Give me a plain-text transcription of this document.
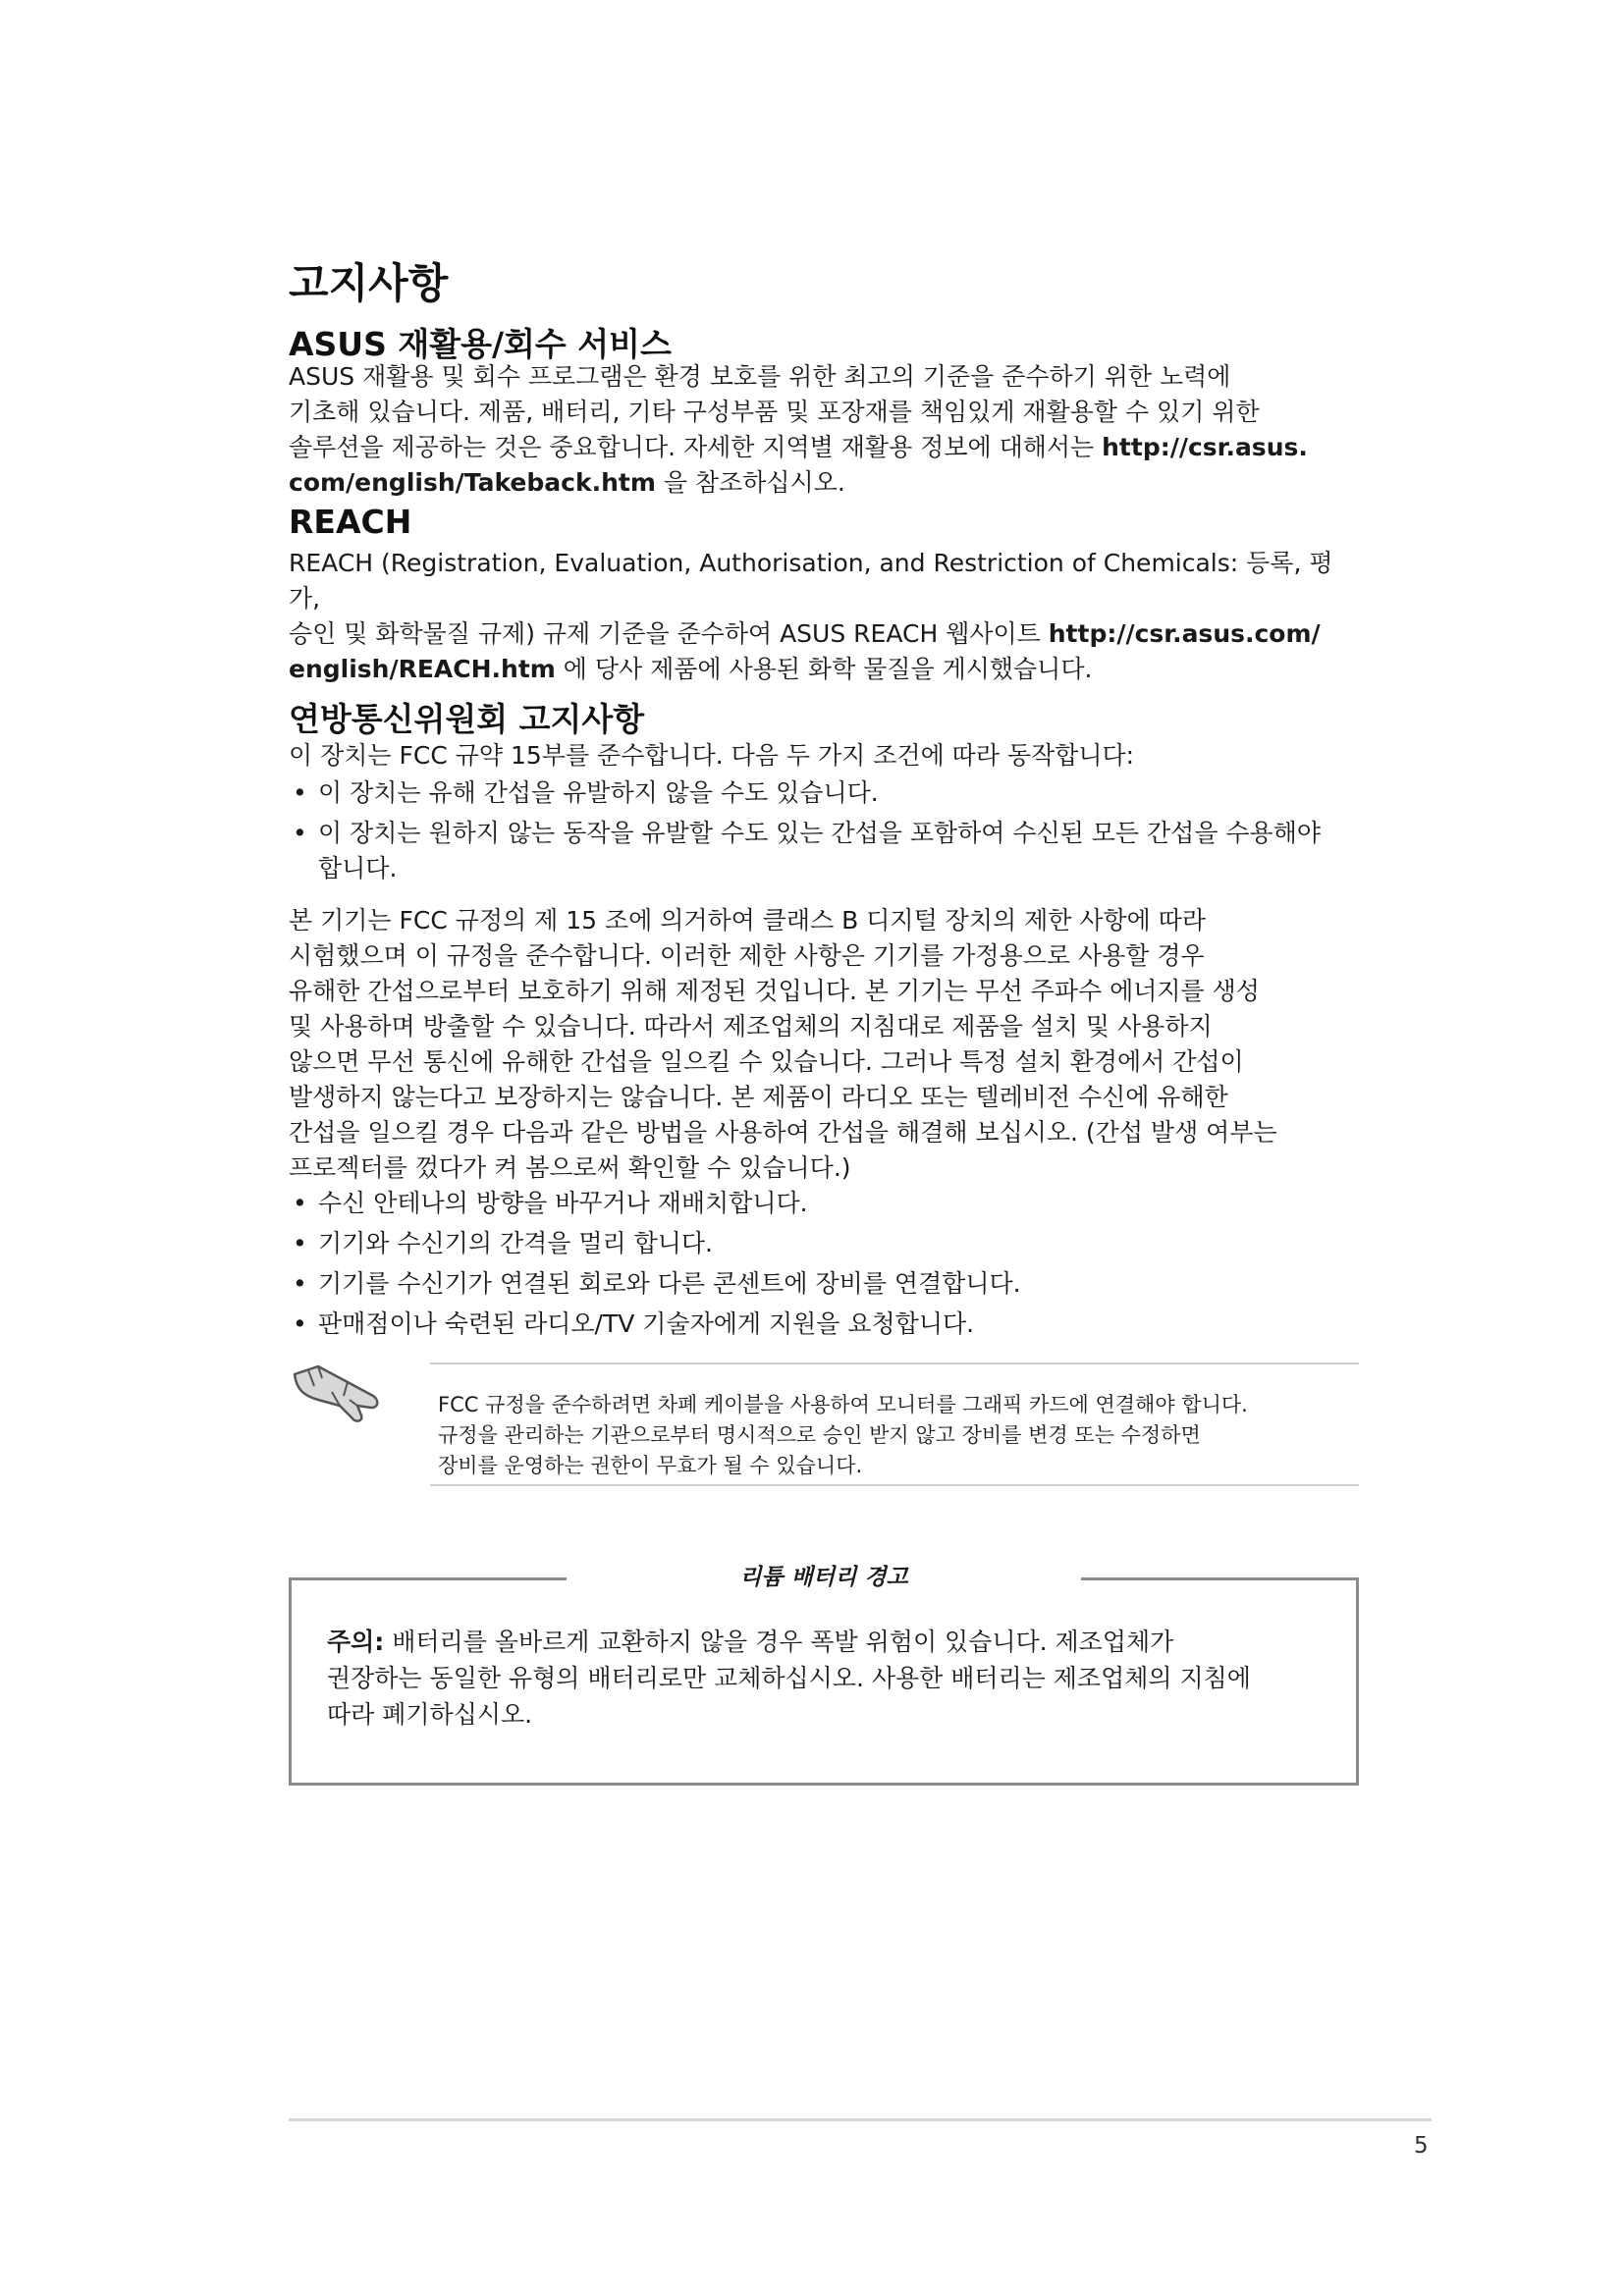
고지사항
ASUS 재활용/회수 서비스

ASUS 재활용 및 회수 프로그램은 환경 보호를 위한 최고의 기준을 준수하기 위한 노력에

기초해 있습니다. 제품, 배터리, 기타 구성부품 및 포장재를 책임있게 재활용할 수 있기 위한

솔루션을 제공하는 것은 중요합니다. 자세한 지역별 재활용 정보에 대해서는 http://csr.asus.

com/english/Takeback.htm 을 참조하십시오.

REACH

REACH (Registration, Evaluation, Authorisation, and Restriction of Chemicals: 등록, 평가,

승인 및 화학물질 규제) 규제 기준을 준수하여 ASUS REACH 웹사이트 http://csr.asus.com/

english/REACH.htm 에 당사 제품에 사용된 화학 물질을 게시했습니다.

연방통신위원회 고지사항

이 장치는 FCC 규약 15부를 준수합니다. 다음 두 가지 조건에 따라 동작합니다:

• 이 장치는 유해 간섭을 유발하지 않을 수도 있습니다.
• 이 장치는 원하지 않는 동작을 유발할 수도 있는 간섭을 포함하여 수신된 모든 간섭을 수용해야 합니다.

본 기기는 FCC 규정의 제 15 조에 의거하여 클래스 B 디지털 장치의 제한 사항에 따라

시험했으며 이 규정을 준수합니다. 이러한 제한 사항은 기기를 가정용으로 사용할 경우

유해한 간섭으로부터 보호하기 위해 제정된 것입니다. 본 기기는 무선 주파수 에너지를 생성

및 사용하며 방출할 수 있습니다. 따라서 제조업체의 지침대로 제품을 설치 및 사용하지

않으면 무선 통신에 유해한 간섭을 일으킬 수 있습니다. 그러나 특정 설치 환경에서 간섭이

발생하지 않는다고 보장하지는 않습니다. 본 제품이 라디오 또는 텔레비전 수신에 유해한

간섭을 일으킬 경우 다음과 같은 방법을 사용하여 간섭을 해결해 보십시오. (간섭 발생 여부는

프로젝터를 껐다가 켜 봄으로써 확인할 수 있습니다.)

• 수신 안테나의 방향을 바꾸거나 재배치합니다.
• 기기와 수신기의 간격을 멀리 합니다.
• 기기를 수신기가 연결된 회로와 다른 콘센트에 장비를 연결합니다.
• 판매점이나 숙련된 라디오/TV 기술자에게 지원을 요청합니다.

FCC 규정을 준수하려면 차폐 케이블을 사용하여 모니터를 그래픽 카드에 연결해야 합니다.

규정을 관리하는 기관으로부터 명시적으로 승인 받지 않고 장비를 변경 또는 수정하면

장비를 운영하는 권한이 무효가 될 수 있습니다.

리튬 배터리 경고

주의: 배터리를 올바르게 교환하지 않을 경우 폭발 위험이 있습니다. 제조업체가

권장하는 동일한 유형의 배터리로만 교체하십시오. 사용한 배터리는 제조업체의 지침에

따라 폐기하십시오.

5
